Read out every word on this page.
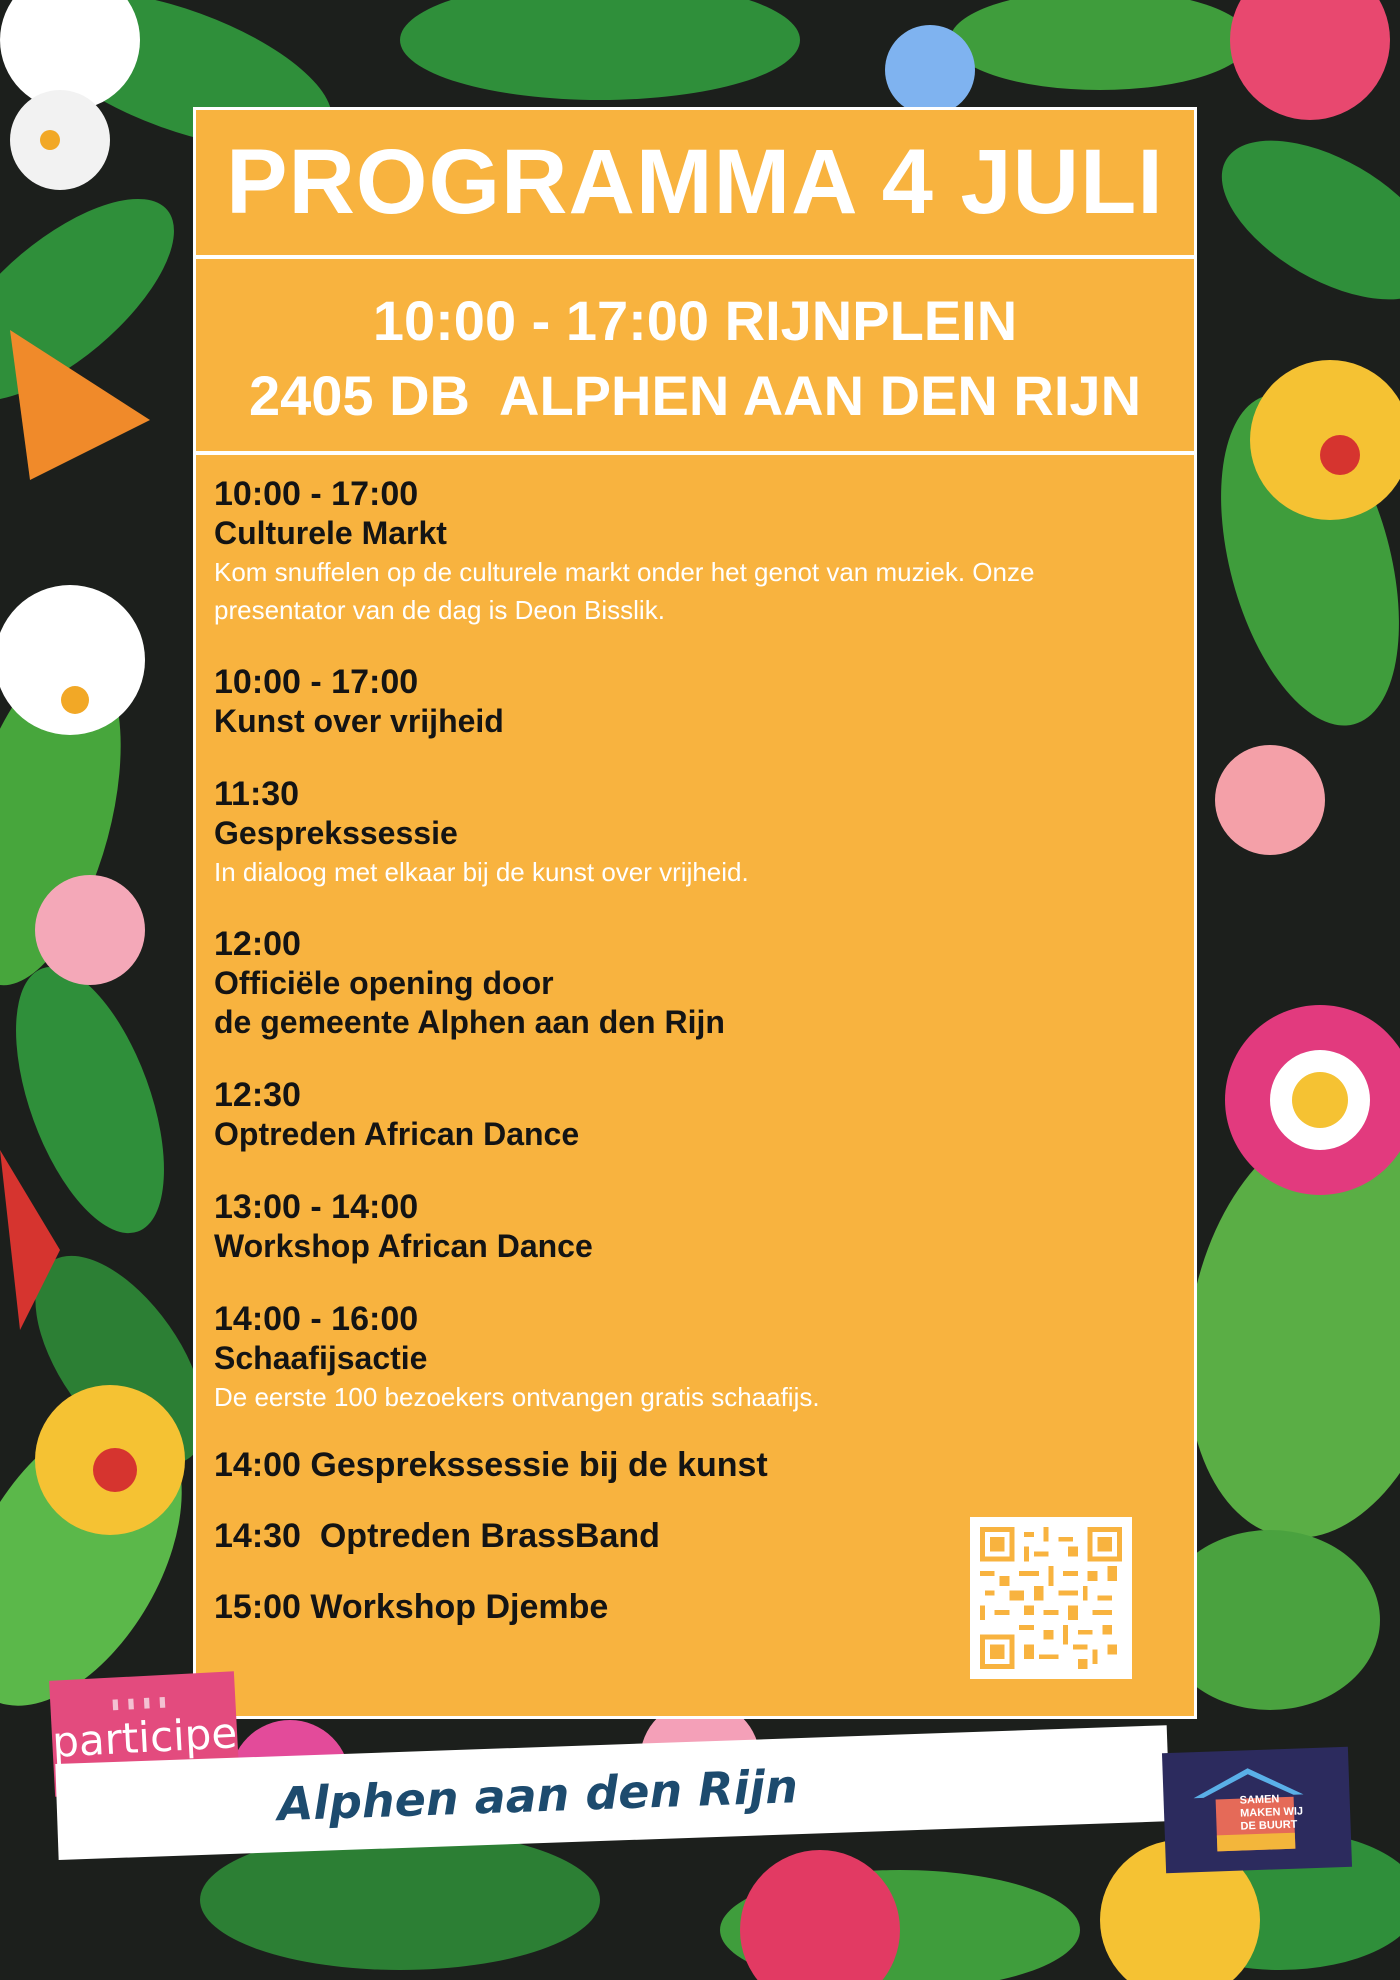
PROGRAMMA 4 JULI
10:00 - 17:00 RIJNPLEIN
2405 DB  ALPHEN AAN DEN RIJN
10:00 - 17:00
Culturele Markt
Kom snuffelen op de culturele markt onder het genot van muziek. Onze presentator van de dag is Deon Bisslik.
10:00 - 17:00
Kunst over vrijheid
11:30
Gesprekssessie
In dialoog met elkaar bij de kunst over vrijheid.
12:00
Officiële opening door
de gemeente Alphen aan den Rijn
12:30
Optreden African Dance
13:00 - 14:00
Workshop African Dance
14:00 - 16:00
Schaafijsactie
De eerste 100 bezoekers ontvangen gratis schaafijs.
14:00 Gesprekssessie bij de kunst
14:30  Optreden BrassBand
15:00 Workshop Djembe
▮▮▮▮
participe
Alphen aan den Rijn	SAMEN
MAKEN WIJ
DE BUURT
